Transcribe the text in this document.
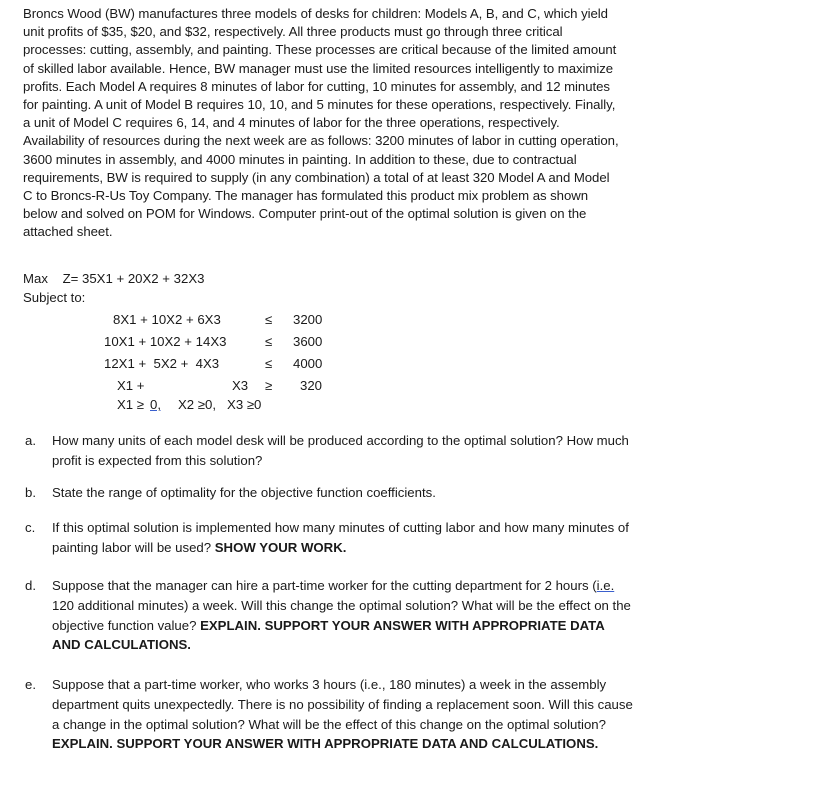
Broncs Wood (BW) manufactures three models of desks for children: Models A, B, and C, which yield
unit profits of $35, $20, and $32, respectively. All three products must go through three critical
processes: cutting, assembly, and painting. These processes are critical because of the limited amount
of skilled labor available. Hence, BW manager must use the limited resources intelligently to maximize
profits. Each Model A requires 8 minutes of labor for cutting, 10 minutes for assembly, and 12 minutes
for painting. A unit of Model B requires 10, 10, and 5 minutes for these operations, respectively. Finally,
a unit of Model C requires 6, 14, and 4 minutes of labor for the three operations, respectively.
Availability of resources during the next week are as follows: 3200 minutes of labor in cutting operation,
3600 minutes in assembly, and 4000 minutes in painting. In addition to these, due to contractual
requirements, BW is required to supply (in any combination) a total of at least 320 Model A and Model
C to Broncs-R-Us Toy Company. The manager has formulated this product mix problem as shown
below and solved on POM for Windows. Computer print-out of the optimal solution is given on the
attached sheet.
Max    Z= 35X1 + 20X2 + 32X3
Subject to:
8X1 + 10X2 + 6X3	≤ 3200
10X1 + 10X2 + 14X3	≤ 3600
12X1 +  5X2 +  4X3	≤ 4000
X1 +	X3 ≥ 320
X1 ≥ 0, X2 ≥0,   X3 ≥0
a. How many units of each model desk will be produced according to the optimal solution? How much
profit is expected from this solution?
b. State the range of optimality for the objective function coefficients.
c. If this optimal solution is implemented how many minutes of cutting labor and how many minutes of
painting labor will be used? SHOW YOUR WORK.
d. Suppose that the manager can hire a part-time worker for the cutting department for 2 hours (i.e.
120 additional minutes) a week. Will this change the optimal solution? What will be the effect on the
objective function value? EXPLAIN. SUPPORT YOUR ANSWER WITH APPROPRIATE DATA
AND CALCULATIONS.
e. Suppose that a part-time worker, who works 3 hours (i.e., 180 minutes) a week in the assembly
department quits unexpectedly. There is no possibility of finding a replacement soon. Will this cause
a change in the optimal solution? What will be the effect of this change on the optimal solution?
EXPLAIN. SUPPORT YOUR ANSWER WITH APPROPRIATE DATA AND CALCULATIONS.
